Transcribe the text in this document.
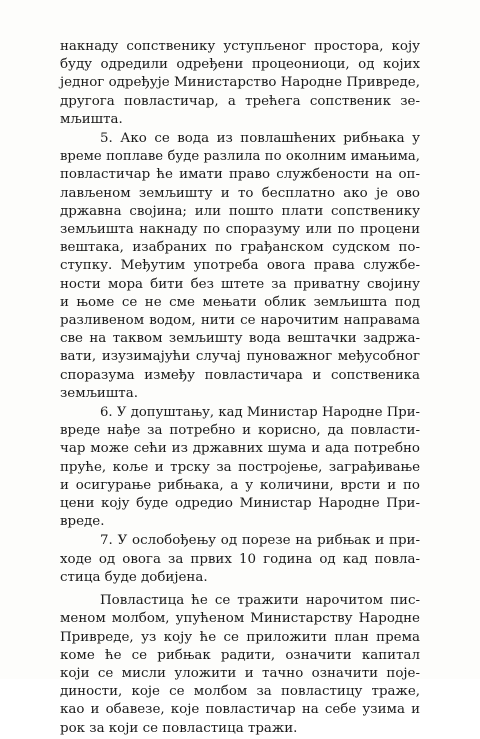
накнаду сопственику уступљеног простора, коју
буду одредили одређени процеониоци, од којих
једног одређује Министарство Народне Привреде,
другога повластичар, а трећега сопственик зе-
мљишта.
5. Ако се вода из повлашћених рибњака у
време поплаве буде разлила по околним имањима,
повластичар ће имати право службености на оп-
лављеном земљишту и то бесплатно ако је ово
државна својина; или пошто плати сопственику
земљишта накнаду по споразуму или по процени
вештака, изабраних по грађанском судском по-
ступку. Међутим употреба овога права службе-
ности мора бити без штете за приватну својину
и њоме се не сме мењати облик земљишта под
разливеном водом, нити се нарочитим направама
све на таквом земљишту вода вештачки задржа-
вати, изузимајући случај пуноважног међусобног
споразума између повластичара и сопственика
земљишта.
6. У допуштању, кад Министар Народне При-
вреде нађе за потребно и корисно, да повласти-
чар може сећи из државних шума и ада потребно
пруће, коље и трску за постројење, заграђивање
и осигурање рибњака, а у количини, врсти и по
цени коју буде одредио Министар Народне При-
вреде.
7. У ослобођењу од порезе на рибњак и при-
ходе од овога за првих 10 година од кад повла-
стица буде добијена.
Повластица ће се тражити нарочитом пис-
меном молбом, упућеном Министарству Народне
Привреде, уз коју ће се приложити план према
коме ће се рибњак радити, означити капитал
који се мисли уложити и тачно означити поје-
диности, које се молбом за повластицу траже,
као и обавезе, које повластичар на себе узима и
рок за који се повластица тражи.
